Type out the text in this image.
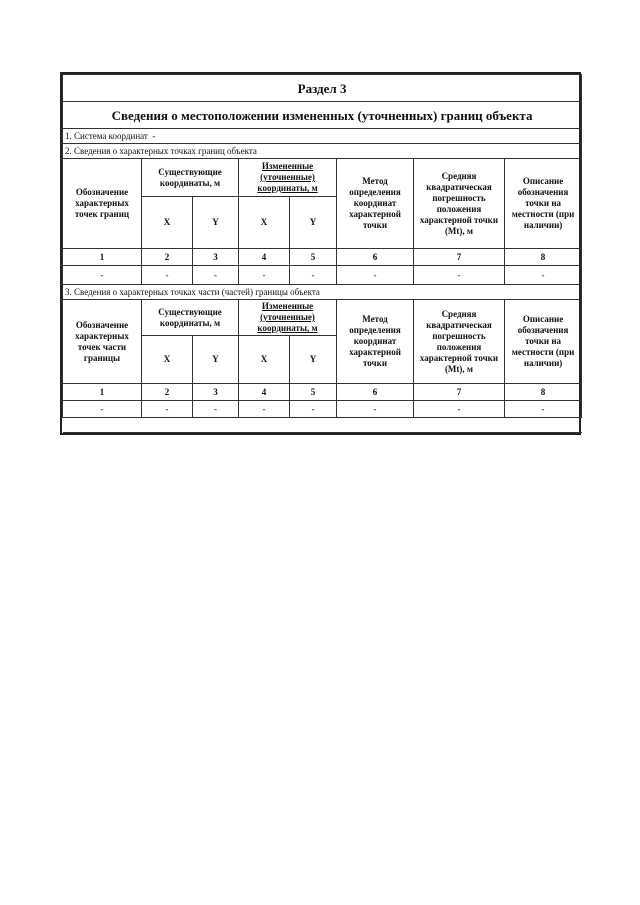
Раздел 3							
Сведения о местоположении измененных (уточненных) границ объекта							
1. Система координат -							
2. Сведения о характерных точках границ объекта							
Обозначение характерных точек границ	Существующие координаты, м		Измененные (уточненные) координаты, м		Метод определения координат характерной точки	Средняя квадратическая погрешность положения характерной точки (Mt), м	Описание обозначения точки на местности (при наличии)
	X	Y	X	Y			
1	2	3	4	5	6	7	8
-	-	-	-	-	-	-	-
3. Сведения о характерных точках части (частей) границы объекта							
Обозначение характерных точек части границы	Существующие координаты, м		Измененные (уточненные) координаты, м		Метод определения координат характерной точки	Средняя квадратическая погрешность положения характерной точки (Mt), м	Описание обозначения точки на местности (при наличии)
	X	Y	X	Y			
1	2	3	4	5	6	7	8
-	-	-	-	-	-	-	-
